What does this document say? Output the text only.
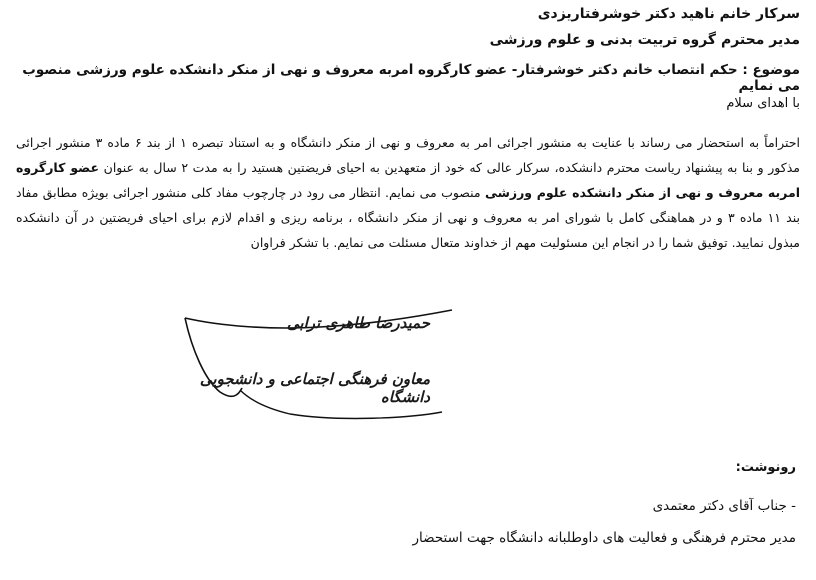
سرکار خانم ناهید دکتر خوشرفتاریزدی
مدیر محترم گروه تربیت بدنی و علوم ورزشی
موضوع : حکم انتصاب خانم دکتر خوشرفتار- عضو کارگروه امربه معروف و نهی از منکر دانشکده علوم ورزشی منصوب می نمایم
با اهدای سلام
احتراماً به استحضار می رساند با عنایت به منشور اجرائی امر به معروف و نهی از منکر دانشگاه و به استناد تبصره ۱ از بند ۶ ماده ۳ منشور اجرائی مذکور و بنا به پیشنهاد ریاست محترم دانشکده، سرکار عالی که خود از متعهدین به احیای فریضتین هستید را به مدت ۲ سال به عنوان عضو کارگروه امربه معروف و نهی از منکر دانشکده علوم ورزشی منصوب می نمایم. انتظار می رود در چارچوب مفاد کلی منشور اجرائی بویژه مطابق مفاد بند ۱۱ ماده ۳ و در هماهنگی کامل با شورای امر به معروف و نهی از منکر دانشگاه ، برنامه ریزی و اقدام لازم برای احیای فریضتین در آن دانشکده مبذول نمایید. توفیق شما را در انجام این مسئولیت مهم از خداوند متعال مسئلت می نمایم. با تشکر فراوان
حمیدرضا طاهری ترابی
معاون فرهنگی اجتماعی و دانشجویی دانشگاه
رونوشت:
- جناب آقای دکتر معتمدی
مدیر محترم فرهنگی و فعالیت های داوطلبانه دانشگاه جهت استحضار
